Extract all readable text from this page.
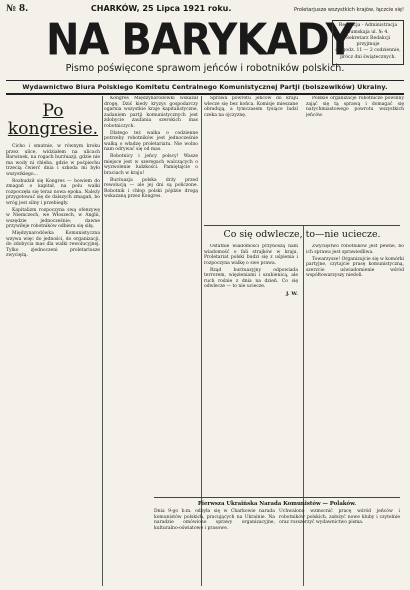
№ 8.	CHARKÓW, 25 Lipca 1921 roku.	Proletarjusze wszystkich krajów, łączcie się!
NA BARYKADY

Redakcja - Administracja

Sumskaja ul. № 4.

Sekretarz Redakcji przyjmuje

od godz. 11 — 2 codziennie,

prócz dni świątecznych.

Pismo poświęcone sprawom jeńców i robotników polskich.
Wydawnictwo Biura Polskiego Komitetu Centralnego Komunistycznej Partji (bolszewików) Ukrainy.
Po kongresie.

Cicho i smutnie, w równym kroku przez ulice, widziałem na ulicach Barwinek, na rogach burżuazji, gdzie nie ma wody ni chleba, gdzie w pośpiechu trzecią ćwierć dnia i szkoda mi było wszystkiego...

Rozbudził się Kongres — bowiem do zmagań o kapitał, na polu walki rozpoczęła się teraz nowa epoka. Należy przygotować się do dalszych zmagań, bo wróg jest silny i przebiegły.

Kapitalizm rozpoczyna swą ofenzywę w Niemczech, we Włoszech, w Anglii, wszędzie jednocześnie; dawne przywileje robotników odbiera się siłą.

Międzynarodówka Komunistyczna wzywa więc do jedności, do organizacji, do zdobycia mas dla walki rewolucyjnej. Tylko zjednoczeni proletariusze zwyciężą.

Kongres Międzynarodówki wskazał drogę. Dziś kiedy kryzys gospodarczy ogarnia wszystkie kraje kapitalistyczne, zadaniem partji komunistycznych jest zdobycie zaufania szerokich mas robotniczych.

Dlatego też walka o codzienne potrzeby robotników jest jednocześnie walką o władzę proletariatu. Nie wolno nam odrywać się od mas.

Robotnicy i jeńcy polscy! Wasze miejsce jest w szeregach walczących o wyzwolenie ludzkości. Pamiętajcie o braciach w kraju!

Burżuazja polska drży przed rewolucją — ale jej dni są policzone. Robotnik i chłop polski pójdzie drogą wskazaną przez Kongres.

Sprawa powrotu jeńców do kraju wlecze się bez końca. Komisje mieszane obradują, a tymczasem tysiące ludzi czeka na ojczyznę.

Polskie organizacje robotnicze powinny zająć się tą sprawą i domagać się natychmiastowego powrotu wszystkich jeńców.

Co się odwlecze, to—nie uciecze.

Ostatnie wiadomości przynoszą nam wiadomość o fali strajków w kraju. Proletariat polski budzi się z uśpienia i rozpoczyna walkę o swe prawa.

Rząd burżuazyjny odpowiada terrorem, więzieniami i szubienicą, ale ruch rośnie z dnia na dzień. Co się odwlecze — to nie uciecze.

J. W.

Zwycięstwo robotników jest pewne, bo ich sprawa jest sprawiedliwa.

Towarzysze! Organizujcie się w komórki partyjne, czytajcie prasę komunistyczną, szerzcie uświadomienie wśród współtowarzyszy niedoli.

Pierwsza Ukraińska Narada Komunistów — Polaków.

Dnia 9-go b.m. odbyła się w Charkowie narada komunistów polskich, pracujących na Ukrainie. Na naradzie omówiono sprawy organizacyjne, kulturalno-oświatowe i prasowe.

Uchwalono wzmocnić pracę wśród jeńców i robotników polskich, założyć nowe kluby i czytelnie oraz rozszerzyć wydawnictwo pisma.
